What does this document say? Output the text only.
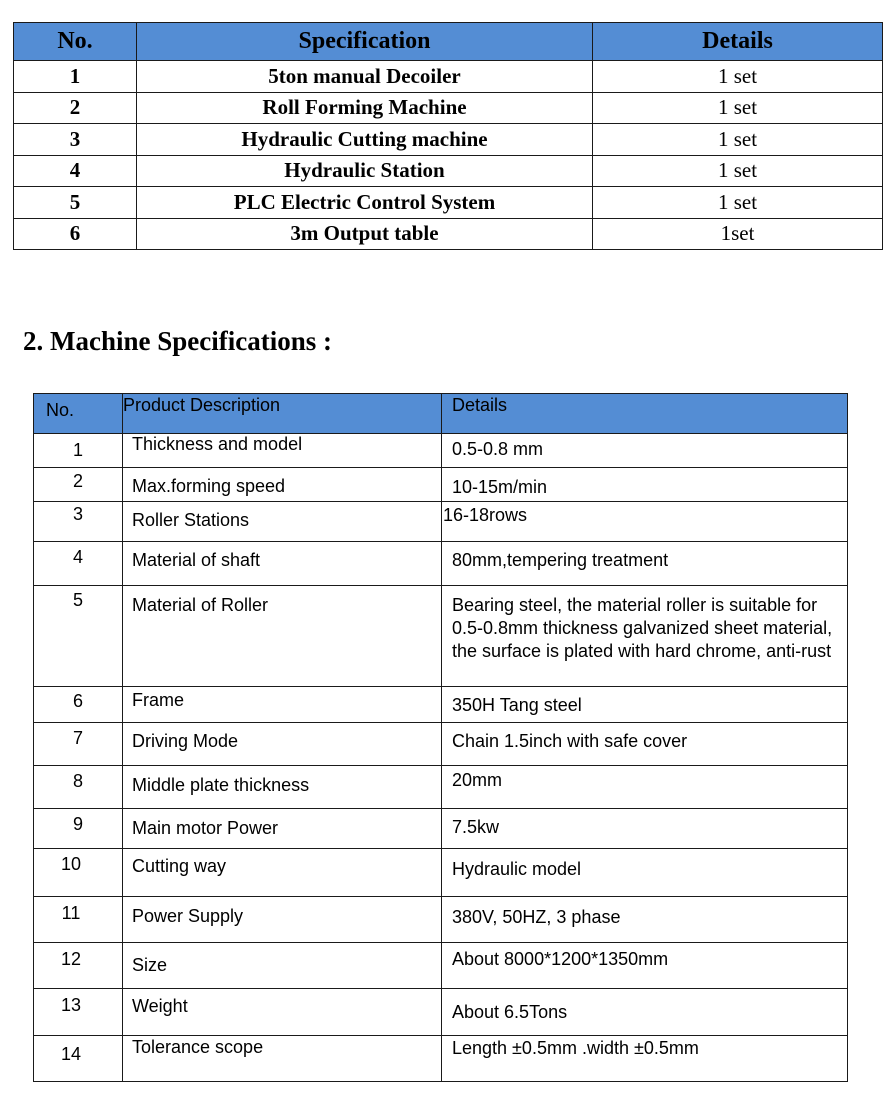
No.	Specification	Details
1	5ton manual Decoiler	1 set
2	Roll Forming Machine	1 set
3	Hydraulic Cutting machine	1 set
4	Hydraulic Station	1 set
5	PLC Electric Control System	1 set
6	3m Output table	1set
2. Machine Specifications :
No.	Product Description	Details
1	Thickness and model	0.5-0.8 mm
2	Max.forming speed	10-15m/min
3	Roller Stations	16-18rows
4	Material of shaft	80mm,tempering treatment
5	Material of Roller	Bearing steel, the material roller is suitable for 0.5-0.8mm thickness galvanized sheet material, the surface is plated with hard chrome, anti-rust
6	Frame	350H Tang steel
7	Driving Mode	Chain 1.5inch with safe cover
8	Middle plate thickness	20mm
9	Main motor Power	7.5kw
10	Cutting way	Hydraulic model
11	Power Supply	380V, 50HZ, 3 phase
12	Size	About 8000*1200*1350mm
13	Weight	About 6.5Tons
14	Tolerance scope	Length ±0.5mm .width ±0.5mm
